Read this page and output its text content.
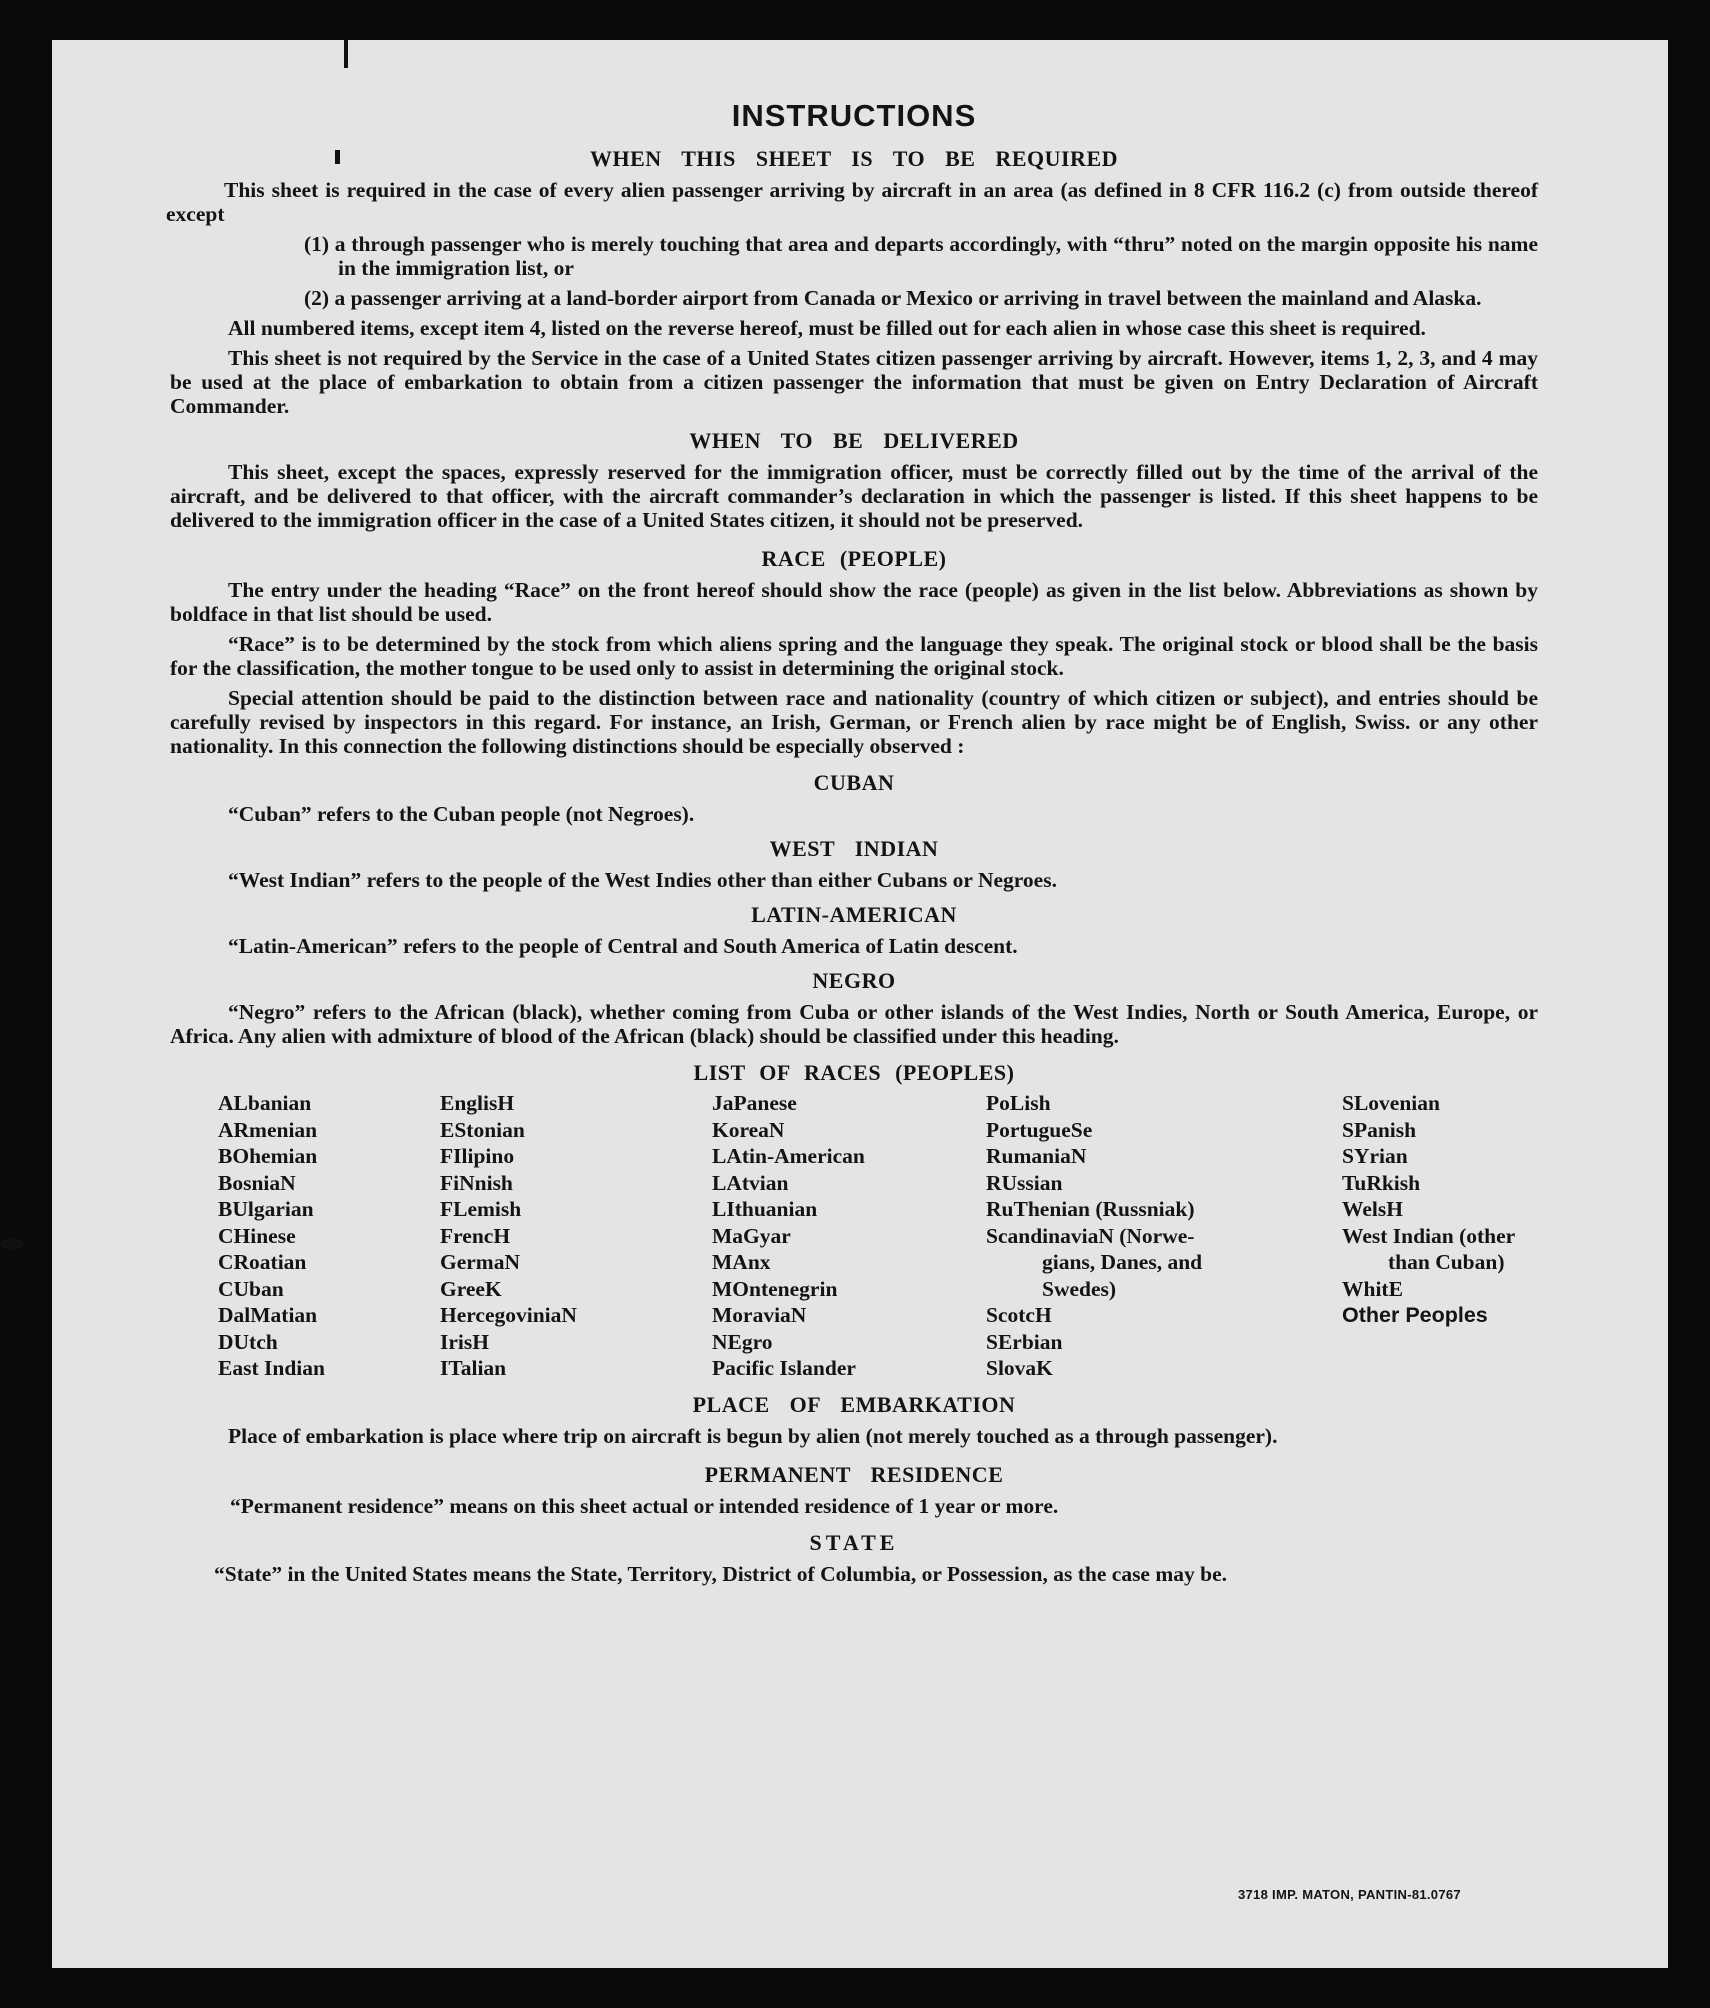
INSTRUCTIONS
WHEN THIS SHEET IS TO BE REQUIRED

This sheet is required in the case of every alien passenger arriving by aircraft in an area (as defined in 8 CFR 116.2 (c) from outside thereof except

(1) a through passenger who is merely touching that area and departs accordingly, with “thru” noted on the margin opposite his name in the immigration list, or
(2) a passenger arriving at a land-border airport from Canada or Mexico or arriving in travel between the mainland and Alaska.

All numbered items, except item 4, listed on the reverse hereof, must be filled out for each alien in whose case this sheet is required.

This sheet is not required by the Service in the case of a United States citizen passenger arriving by aircraft. However, items 1, 2, 3, and 4 may be used at the place of embarkation to obtain from a citizen passenger the information that must be given on Entry Declaration of Aircraft Commander.

WHEN TO BE DELIVERED

This sheet, except the spaces, expressly reserved for the immigration officer, must be correctly filled out by the time of the arrival of the aircraft, and be delivered to that officer, with the aircraft commander’s declaration in which the passenger is listed. If this sheet happens to be delivered to the immigration officer in the case of a United States citizen, it should not be preserved.

RACE (PEOPLE)

The entry under the heading “Race” on the front hereof should show the race (people) as given in the list below. Abbreviations as shown by boldface in that list should be used.

“Race” is to be determined by the stock from which aliens spring and the language they speak. The original stock or blood shall be the basis for the classification, the mother tongue to be used only to assist in determining the original stock.

Special attention should be paid to the distinction between race and nationality (country of which citizen or subject), and entries should be carefully revised by inspectors in this regard. For instance, an Irish, German, or French alien by race might be of English, Swiss. or any other nationality. In this connection the following distinctions should be especially observed :

CUBAN

“Cuban” refers to the Cuban people (not Negroes).

WEST INDIAN

“West Indian” refers to the people of the West Indies other than either Cubans or Negroes.

LATIN-AMERICAN

“Latin-American” refers to the people of Central and South America of Latin descent.

NEGRO

“Negro” refers to the African (black), whether coming from Cuba or other islands of the West Indies, North or South America, Europe, or Africa. Any alien with admixture of blood of the African (black) should be classified under this heading.

LIST OF RACES (PEOPLES)
ALbanian
ARmenian
BOhemian
BosniaN
BUlgarian
CHinese
CRoatian
CUban
DalMatian
DUtch
East Indian
EnglisH
EStonian
FIlipino
FiNnish
FLemish
FrencH
GermaN
GreeK
HercegoviniaN
IrisH
ITalian
JaPanese
KoreaN
LAtin-American
LAtvian
LIthuanian
MaGyar
MAnx
MOntenegrin
MoraviaN
NEgro
Pacific Islander
PoLish
PortugueSe
RumaniaN
RUssian
RuThenian (Russniak)
ScandinaviaN (Norwe-
gians, Danes, and
Swedes)
ScotcH
SErbian
SlovaK
SLovenian
SPanish
SYrian
TuRkish
WelsH
West Indian (other
than Cuban)
WhitE
Other Peoples
PLACE OF EMBARKATION

Place of embarkation is place where trip on aircraft is begun by alien (not merely touched as a through passenger).

PERMANENT RESIDENCE

“Permanent residence” means on this sheet actual or intended residence of 1 year or more.

STATE

“State” in the United States means the State, Territory, District of Columbia, or Possession, as the case may be.

3718 IMP. MATON, PANTIN-81.0767
